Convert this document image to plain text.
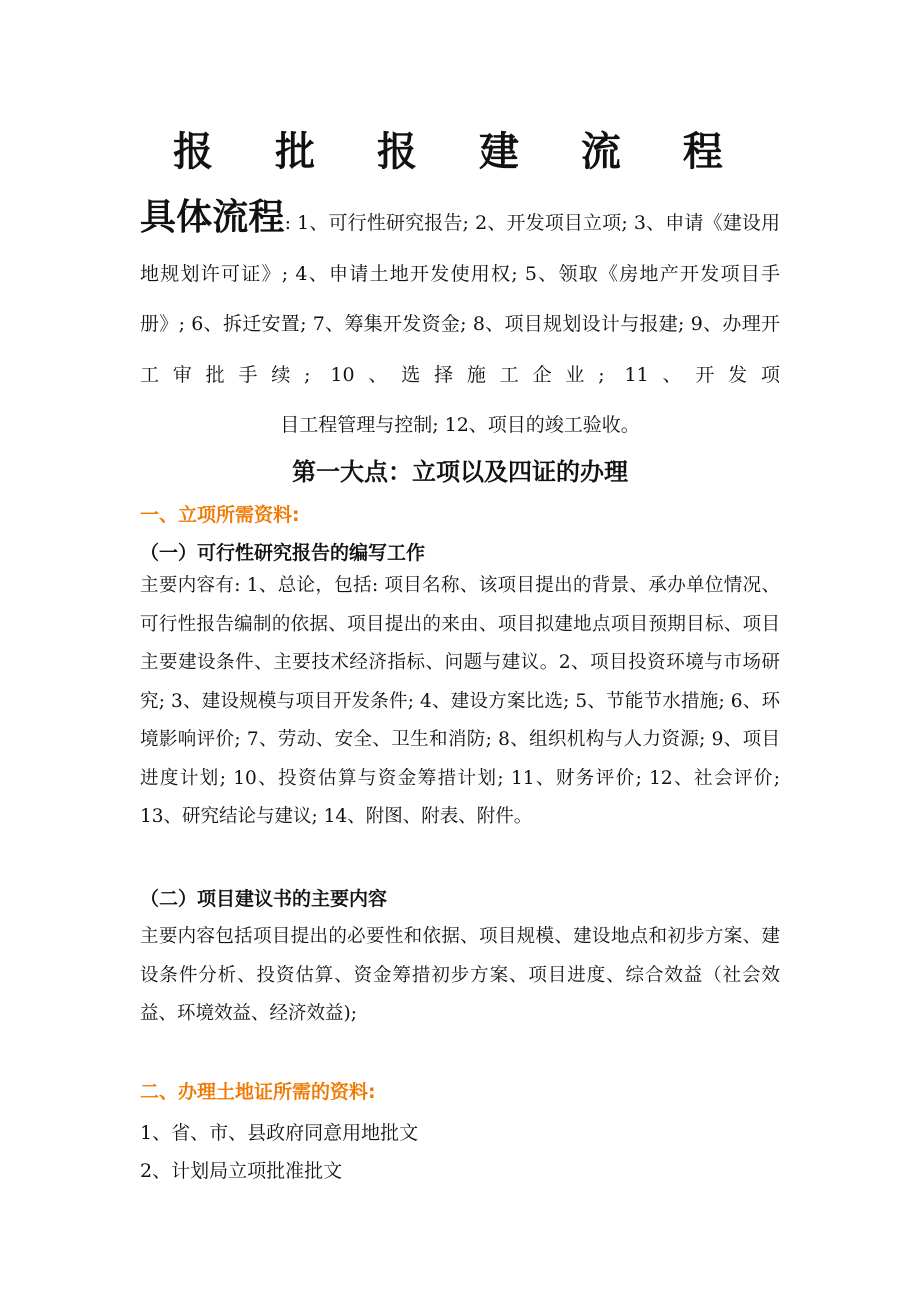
报 批 报 建 流 程

具体流程: 1、可行性研究报告; 2、开发项目立项; 3、申请《建设用地规划许可证》; 4、申请土地开发使用权; 5、领取《房地产开发项目手册》; 6、拆迁安置; 7、筹集开发资金; 8、项目规划设计与报建; 9、办理开工审批手续; 10、选择施工企业; 11、开发项
目工程管理与控制; 12、项目的竣工验收。

第一大点：立项以及四证的办理
一、立项所需资料:
（一）可行性研究报告的编写工作

主要内容有: 1、总论，包括: 项目名称、该项目提出的背景、承办单位情况、可行性报告编制的依据、项目提出的来由、项目拟建地点项目预期目标、项目主要建设条件、主要技术经济指标、问题与建议。2、项目投资环境与市场研究; 3、建设规模与项目开发条件; 4、建设方案比选; 5、节能节水措施; 6、环境影响评价; 7、劳动、安全、卫生和消防; 8、组织机构与人力资源; 9、项目进度计划; 10、投资估算与资金筹措计划; 11、财务评价; 12、社会评价; 13、研究结论与建议; 14、附图、附表、附件。

（二）项目建议书的主要内容

主要内容包括项目提出的必要性和依据、项目规模、建设地点和初步方案、建设条件分析、投资估算、资金筹措初步方案、项目进度、综合效益（社会效益、环境效益、经济效益);

二、办理土地证所需的资料:

1、省、市、县政府同意用地批文

2、计划局立项批准批文
